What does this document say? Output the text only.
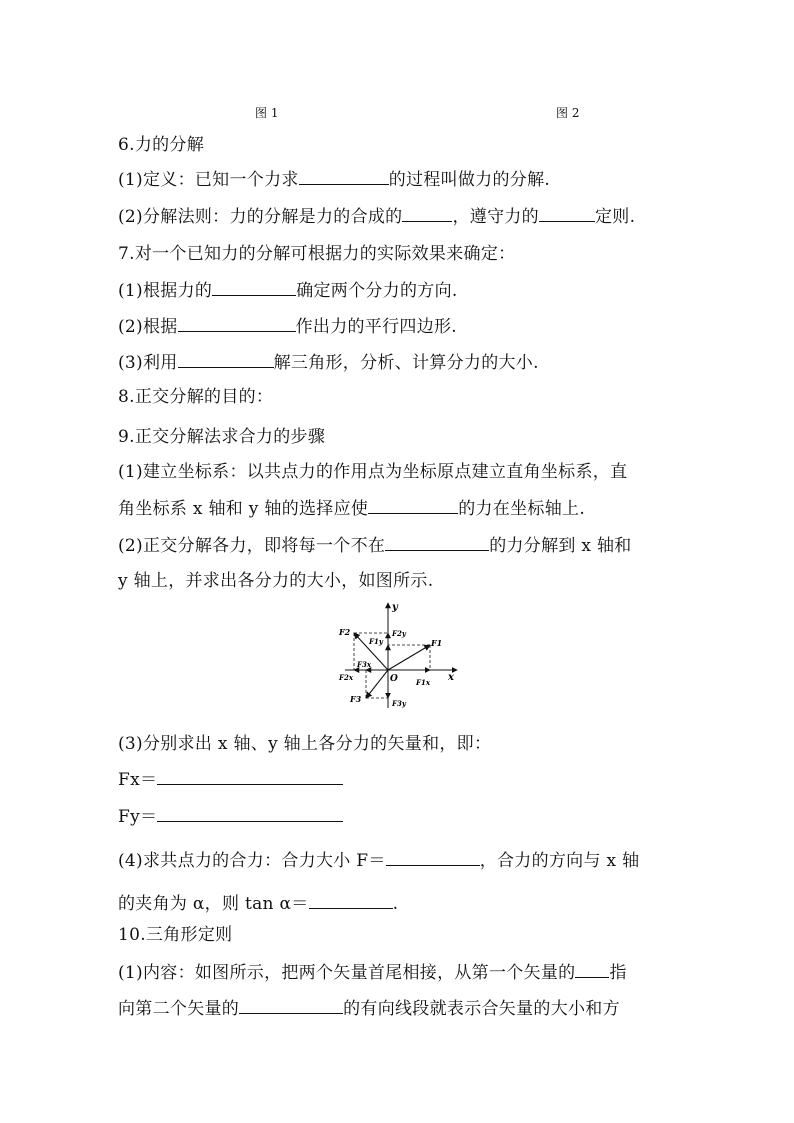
图 1	图 2
6.力的分解
(1)定义：已知一个力求	的过程叫做力的分解.
(2)分解法则：力的分解是力的合成的	，遵守力的	定则.
7.对一个已知力的分解可根据力的实际效果来确定：
(1)根据力的	确定两个分力的方向.
(2)根据	作出力的平行四边形.
(3)利用	解三角形，分析、计算分力的大小.
8.正交分解的目的：
9.正交分解法求合力的步骤
(1)建立坐标系：以共点力的作用点为坐标原点建立直角坐标系，直
角坐标系 x 轴和 y 轴的选择应使	的力在坐标轴上.
(2)正交分解各力，即将每一个不在	的力分解到 x 轴和
y 轴上，并求出各分力的大小，如图所示.
y
x
O
F1
F2
F3
F1y
F2y
F3y
F1x
F2x
F3x
(3)分别求出 x 轴、y 轴上各分力的矢量和，即：
Fx＝
Fy＝
(4)求共点力的合力：合力大小 F＝	，合力的方向与 x 轴
的夹角为 α，则 tan α＝	.
10.三角形定则
(1)内容：如图所示，把两个矢量首尾相接，从第一个矢量的 指
向第二个矢量的	的有向线段就表示合矢量的大小和方
